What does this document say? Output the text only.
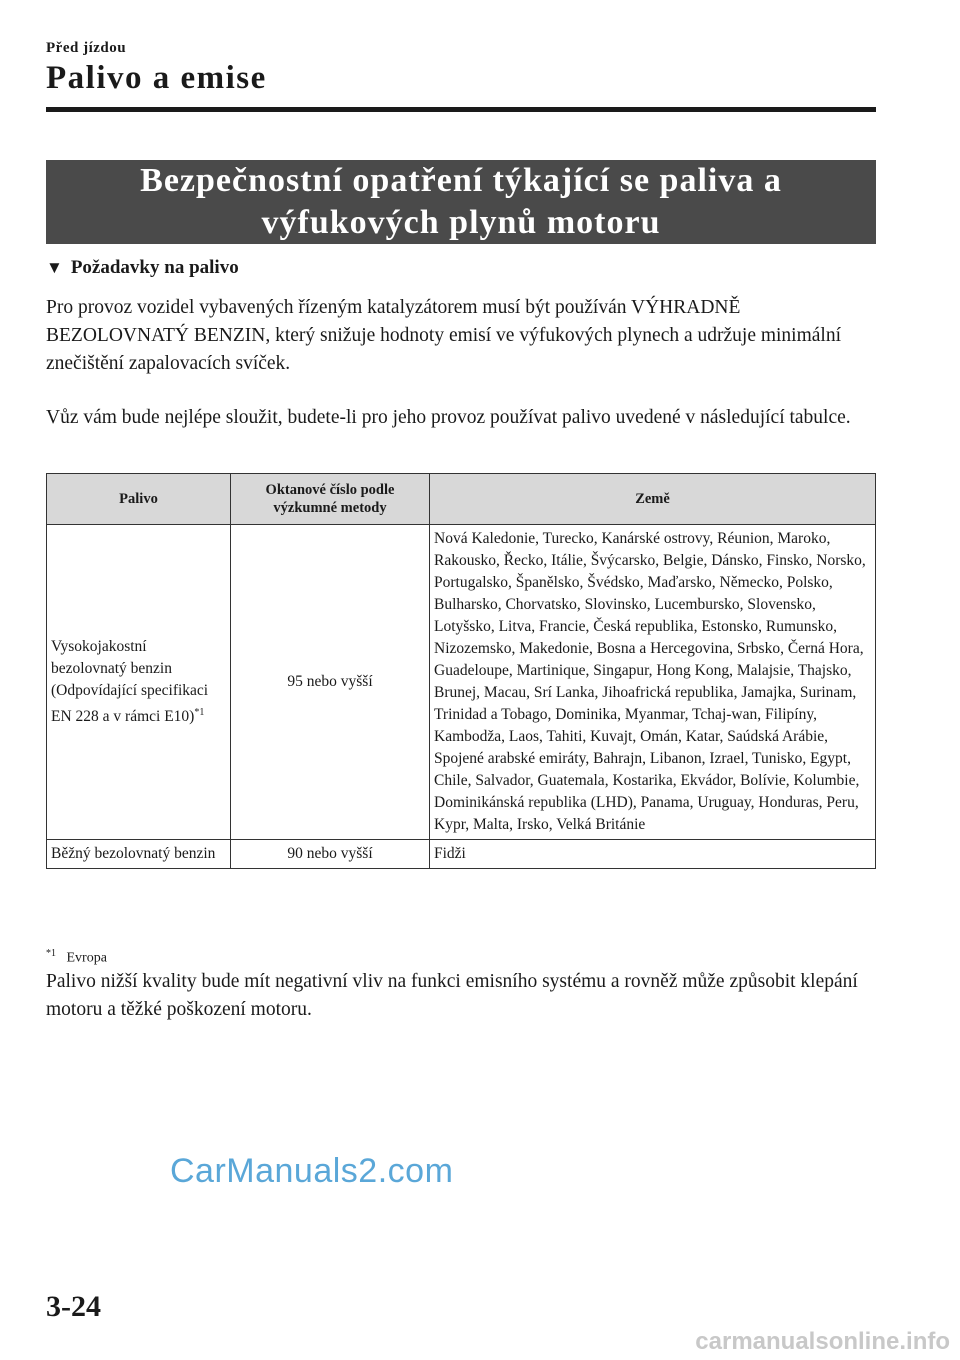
Před jízdou
Palivo a emise
Bezpečnostní opatření týkající se paliva a výfukových plynů motoru
▼ Požadavky na palivo

Pro provoz vozidel vybavených řízeným katalyzátorem musí být používán VÝHRADNĚ BEZOLOVNATÝ BENZIN, který snižuje hodnoty emisí ve výfukových plynech a udržuje minimální znečištění zapalovacích svíček.

Vůz vám bude nejlépe sloužit, budete-li pro jeho provoz používat palivo uvedené v následující tabulce.

Palivo	Oktanové číslo podle výzkumné metody	Země
Vysokojakostní bezolovnatý benzin (Odpovídající specifikaci EN 228 a v rámci E10)$^{*1}$	95 nebo vyšší	Nová Kaledonie, Turecko, Kanárské ostrovy, Réunion, Maroko, Rakousko, Řecko, Itálie, Švýcarsko, Belgie, Dánsko, Finsko, Norsko, Portugalsko, Španělsko, Švédsko, Maďarsko, Německo, Polsko, Bulharsko, Chorvatsko, Slovinsko, Lucembursko, Slovensko, Lotyšsko, Litva, Francie, Česká republika, Estonsko, Rumunsko, Nizozemsko, Makedonie, Bosna a Hercegovina, Srbsko, Černá Hora, Guadeloupe, Martinique, Singapur, Hong Kong, Malajsie, Thajsko, Brunej, Macau, Srí Lanka, Jihoafrická republika, Jamajka, Surinam, Trinidad a Tobago, Dominika, Myanmar, Tchaj-wan, Filipíny, Kambodža, Laos, Tahiti, Kuvajt, Omán, Katar, Saúdská Arábie, Spojené arabské emiráty, Bahrajn, Libanon, Izrael, Tunisko, Egypt, Chile, Salvador, Guatemala, Kostarika, Ekvádor, Bolívie, Kolumbie, Dominikánská republika (LHD), Panama, Uruguay, Honduras, Peru, Kypr, Malta, Irsko, Velká Británie
Běžný bezolovnatý benzin	90 nebo vyšší	Fidži
$^{*1}$ Evropa

Palivo nižší kvality bude mít negativní vliv na funkci emisního systému a rovněž může způsobit klepání motoru a těžké poškození motoru.

CarManuals2.com
3-24
carmanualsonline.info
